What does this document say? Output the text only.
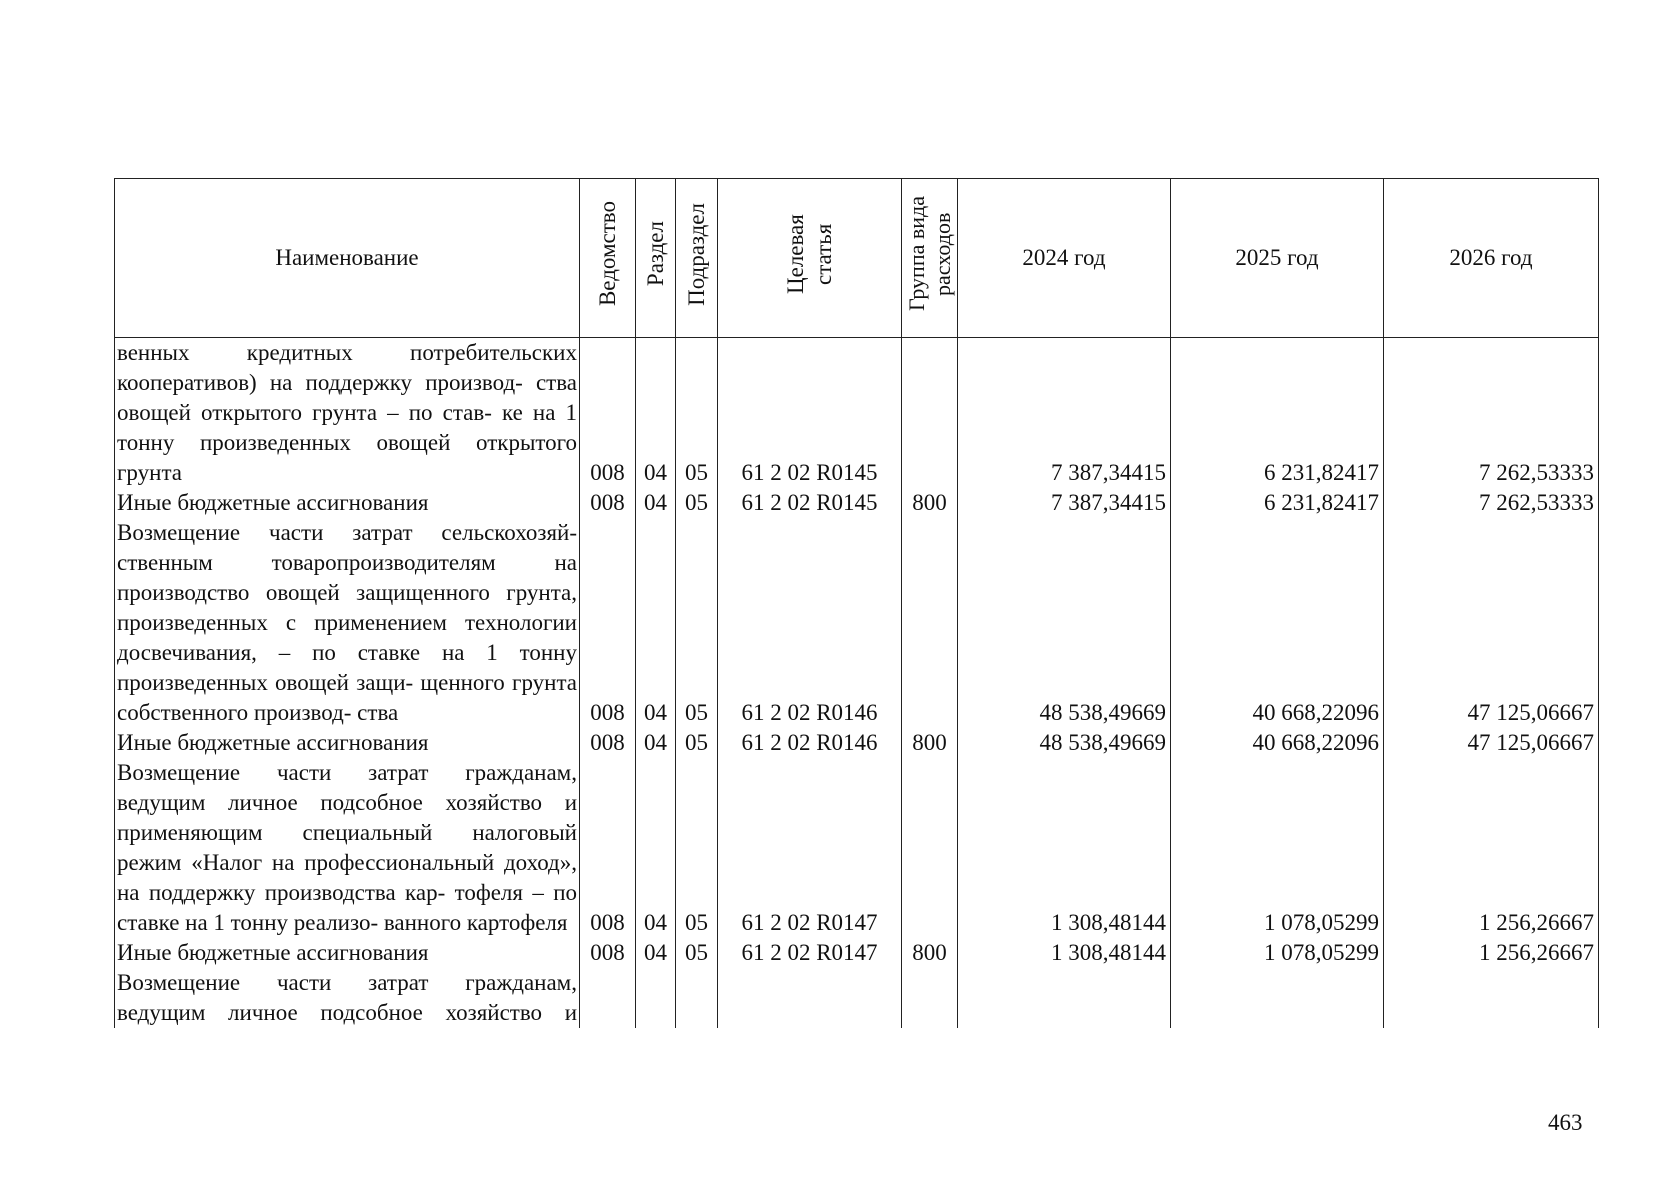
Наименование	Ведомство	Раздел	Подраздел	Целевая статья	Группа вида расходов	2024 год	2025 год	2026 год
венных кредитных потребительских кооперативов) на поддержку производ- ства овощей открытого грунта – по став- ке на 1 тонну произведенных овощей открытого грунта	008	04	05	61 2 02 R0145		7 387,34415	6 231,82417	7 262,53333
Иные бюджетные ассигнования	008	04	05	61 2 02 R0145	800	7 387,34415	6 231,82417	7 262,53333
Возмещение части затрат сельскохозяй- ственным товаропроизводителям на производство овощей защищенного грунта, произведенных с применением технологии досвечивания, – по ставке на 1 тонну произведенных овощей защи- щенного грунта собственного производ- ства	008	04	05	61 2 02 R0146		48 538,49669	40 668,22096	47 125,06667
Иные бюджетные ассигнования	008	04	05	61 2 02 R0146	800	48 538,49669	40 668,22096	47 125,06667
Возмещение части затрат гражданам, ведущим личное подсобное хозяйство и применяющим специальный налоговый режим «Налог на профессиональный доход», на поддержку производства кар- тофеля – по ставке на 1 тонну реализо- ванного картофеля	008	04	05	61 2 02 R0147		1 308,48144	1 078,05299	1 256,26667
Иные бюджетные ассигнования	008	04	05	61 2 02 R0147	800	1 308,48144	1 078,05299	1 256,26667
Возмещение части затрат гражданам, ведущим личное подсобное хозяйство и								
463
